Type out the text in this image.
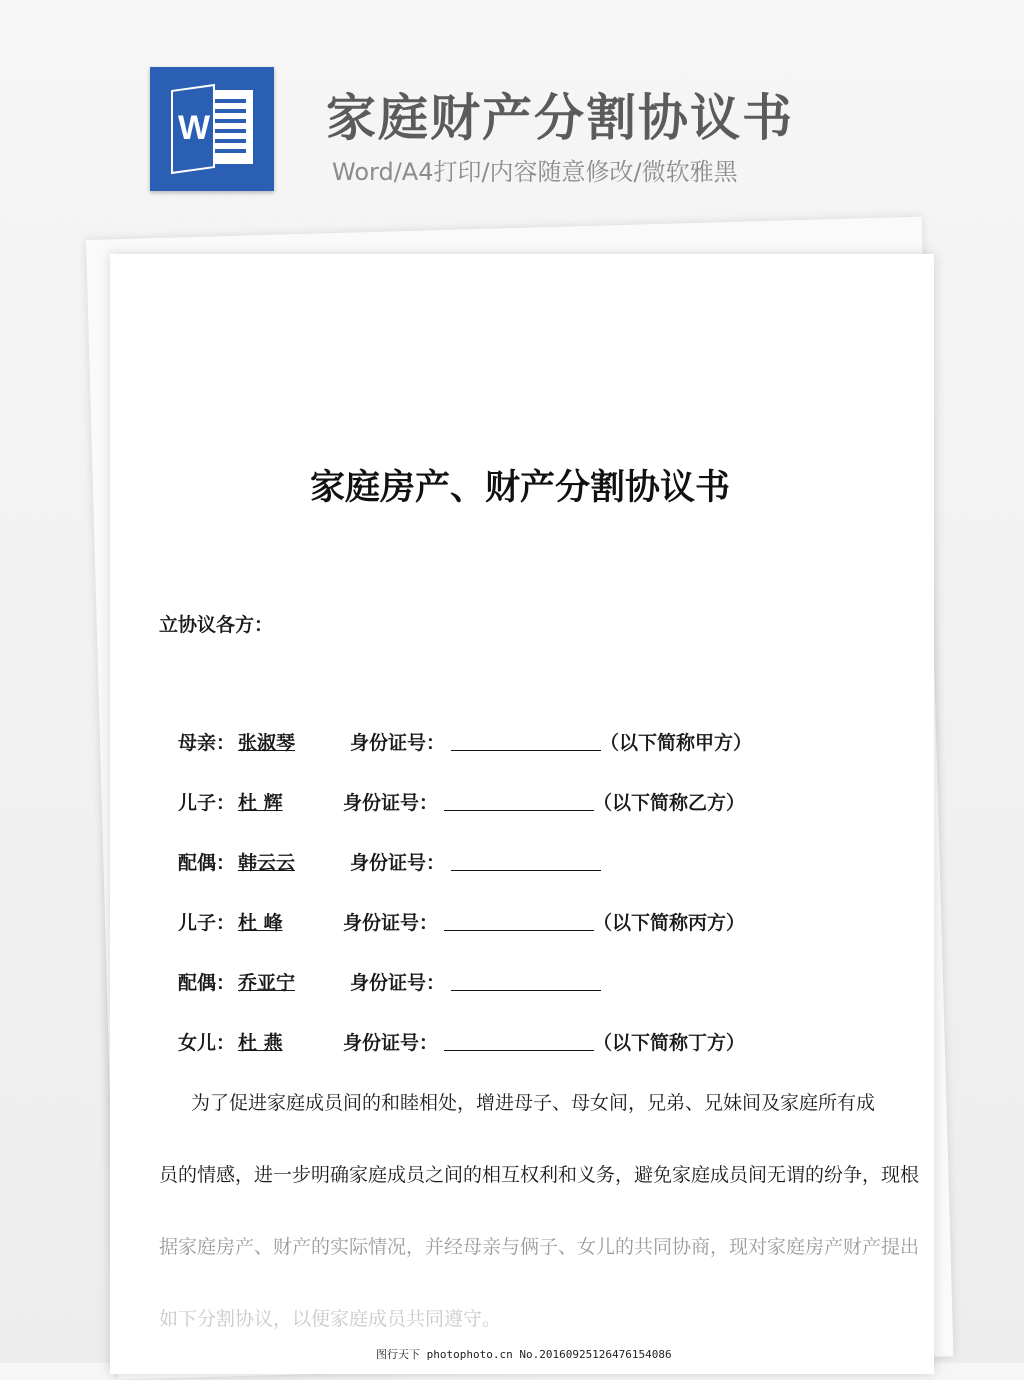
W 家庭财产分割协议书
Word/A4打印/内容随意修改/微软雅黑
家庭房产、财产分割协议书
立协议各方：
母亲： 张淑琴	身份证号：	（以下简称甲方）
儿子： 杜 辉	身份证号：	（以下简称乙方）
配偶： 韩云云	身份证号：
儿子： 杜 峰	身份证号：	（以下简称丙方）
配偶： 乔亚宁	身份证号：
女儿： 杜 燕	身份证号：	（以下简称丁方）
为了促进家庭成员间的和睦相处，增进母子、母女间，兄弟、兄妹间及家庭所有成
员的情感，进一步明确家庭成员之间的相互权利和义务，避免家庭成员间无谓的纷争，现根
据家庭房产、财产的实际情况，并经母亲与俩子、女儿的共同协商，现对家庭房产财产提出
如下分割协议，以便家庭成员共同遵守。
图行天下 photophoto.cn No.20160925126476154086
